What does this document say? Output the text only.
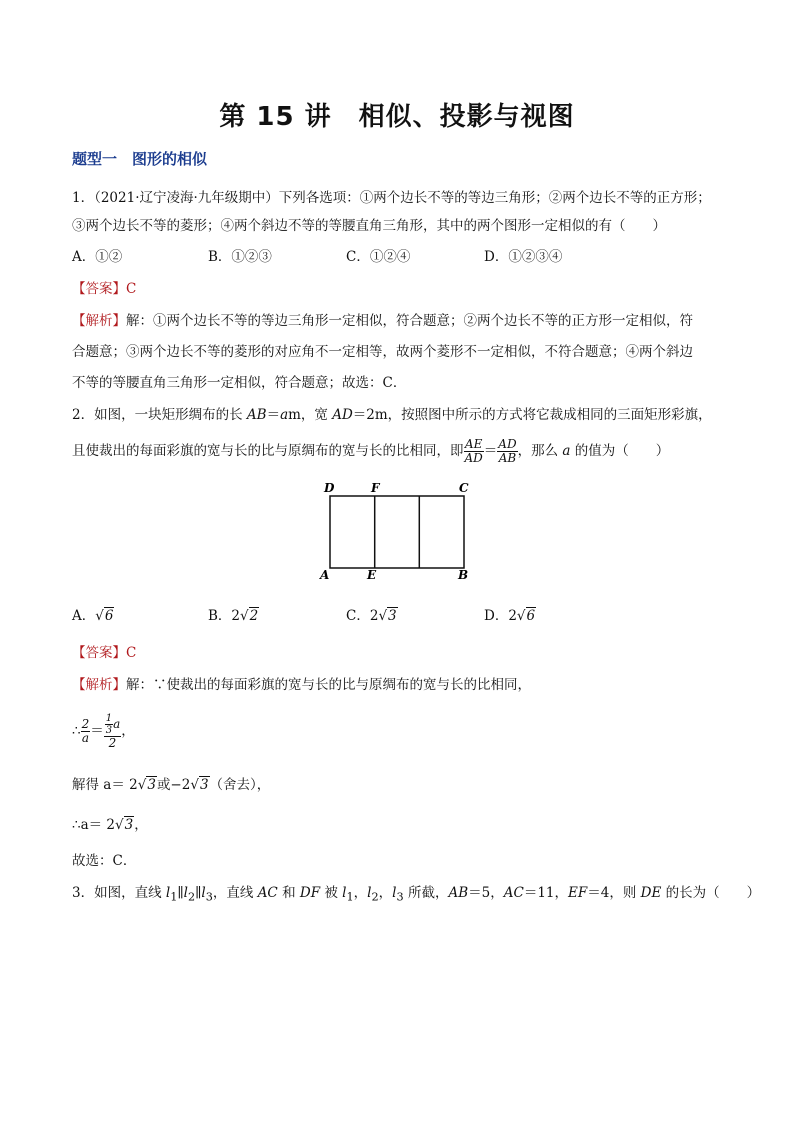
第 15 讲　相似、投影与视图
题型一　图形的相似
1．（2021·辽宁凌海·九年级期中）下列各选项：①两个边长不等的等边三角形；②两个边长不等的正方形；
③两个边长不等的菱形；④两个斜边不等的等腰直角三角形，其中的两个图形一定相似的有（　　）
A．①②	B．①②③	C．①②④	D．①②③④
【答案】C
【解析】解：①两个边长不等的等边三角形一定相似，符合题意；②两个边长不等的正方形一定相似，符
合题意；③两个边长不等的菱形的对应角不一定相等，故两个菱形不一定相似，不符合题意；④两个斜边
不等的等腰直角三角形一定相似，符合题意；故选：C．
2．如图，一块矩形绸布的长 AB＝am，宽 AD＝2m，按照图中所示的方式将它裁成相同的三面矩形彩旗，
且使裁出的每面彩旗的宽与长的比与原绸布的宽与长的比相同，即 $\frac{AE}{AD} = \frac{AD}{AB}$ ，那么 a 的值为（　　）
D	F	C
A	E	B
A．√6	B．2√2	C．2√3	D．2√6
【答案】C
【解析】解：∵使裁出的每面彩旗的宽与长的比与原绸布的宽与长的比相同，
∴ $\frac{2}{a} = \frac{\frac{1}{3} a}{2}$ ，
解得 a＝ 2√3或−2√3（舍去），
∴a＝ 2√3，
故选：C．
3．如图，直线 $l_1\parallel l_2\parallel l_3$，直线 AC 和 DF 被 $l_1$，$l_2$，$l_3$ 所截，AB＝5，AC＝11，EF＝4，则 DE 的长为（　　）
